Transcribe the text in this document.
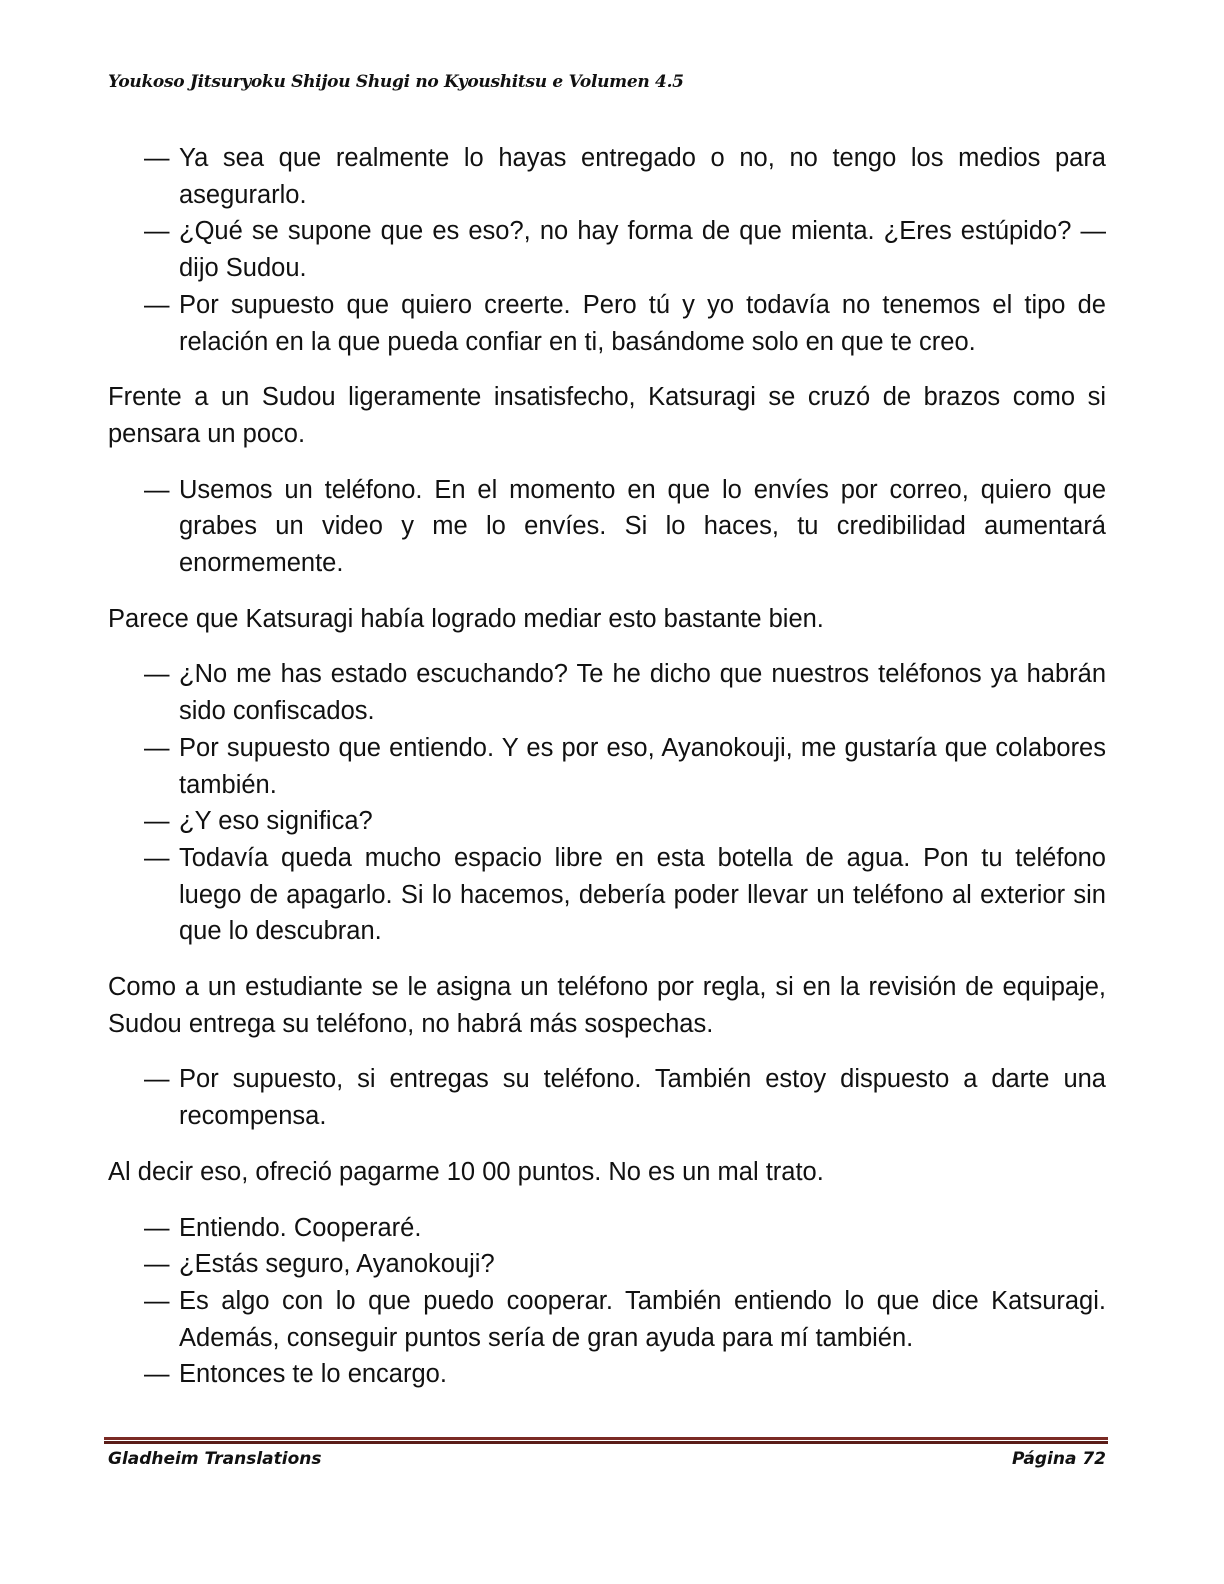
Youkoso Jitsuryoku Shijou Shugi no Kyoushitsu e Volumen 4.5
— Ya sea que realmente lo hayas entregado o no, no tengo los medios para asegurarlo.
— ¿Qué se supone que es eso?, no hay forma de que mienta. ¿Eres estúpido? —dijo Sudou.
— Por supuesto que quiero creerte. Pero tú y yo todavía no tenemos el tipo de relación en la que pueda confiar en ti, basándome solo en que te creo.
Frente a un Sudou ligeramente insatisfecho, Katsuragi se cruzó de brazos como si pensara un poco.
— Usemos un teléfono. En el momento en que lo envíes por correo, quiero que grabes un video y me lo envíes. Si lo haces, tu credibilidad aumentará enormemente.
Parece que Katsuragi había logrado mediar esto bastante bien.
— ¿No me has estado escuchando? Te he dicho que nuestros teléfonos ya habrán sido confiscados.
— Por supuesto que entiendo. Y es por eso, Ayanokouji, me gustaría que colabores también.
— ¿Y eso significa?
— Todavía queda mucho espacio libre en esta botella de agua. Pon tu teléfono luego de apagarlo. Si lo hacemos, debería poder llevar un teléfono al exterior sin que lo descubran.
Como a un estudiante se le asigna un teléfono por regla, si en la revisión de equipaje, Sudou entrega su teléfono, no habrá más sospechas.
— Por supuesto, si entregas su teléfono. También estoy dispuesto a darte una recompensa.
Al decir eso, ofreció pagarme 10 00 puntos. No es un mal trato.
— Entiendo. Cooperaré.
— ¿Estás seguro, Ayanokouji?
— Es algo con lo que puedo cooperar. También entiendo lo que dice Katsuragi. Además, conseguir puntos sería de gran ayuda para mí también.
— Entonces te lo encargo.
Gladheim Translations	Página 72
